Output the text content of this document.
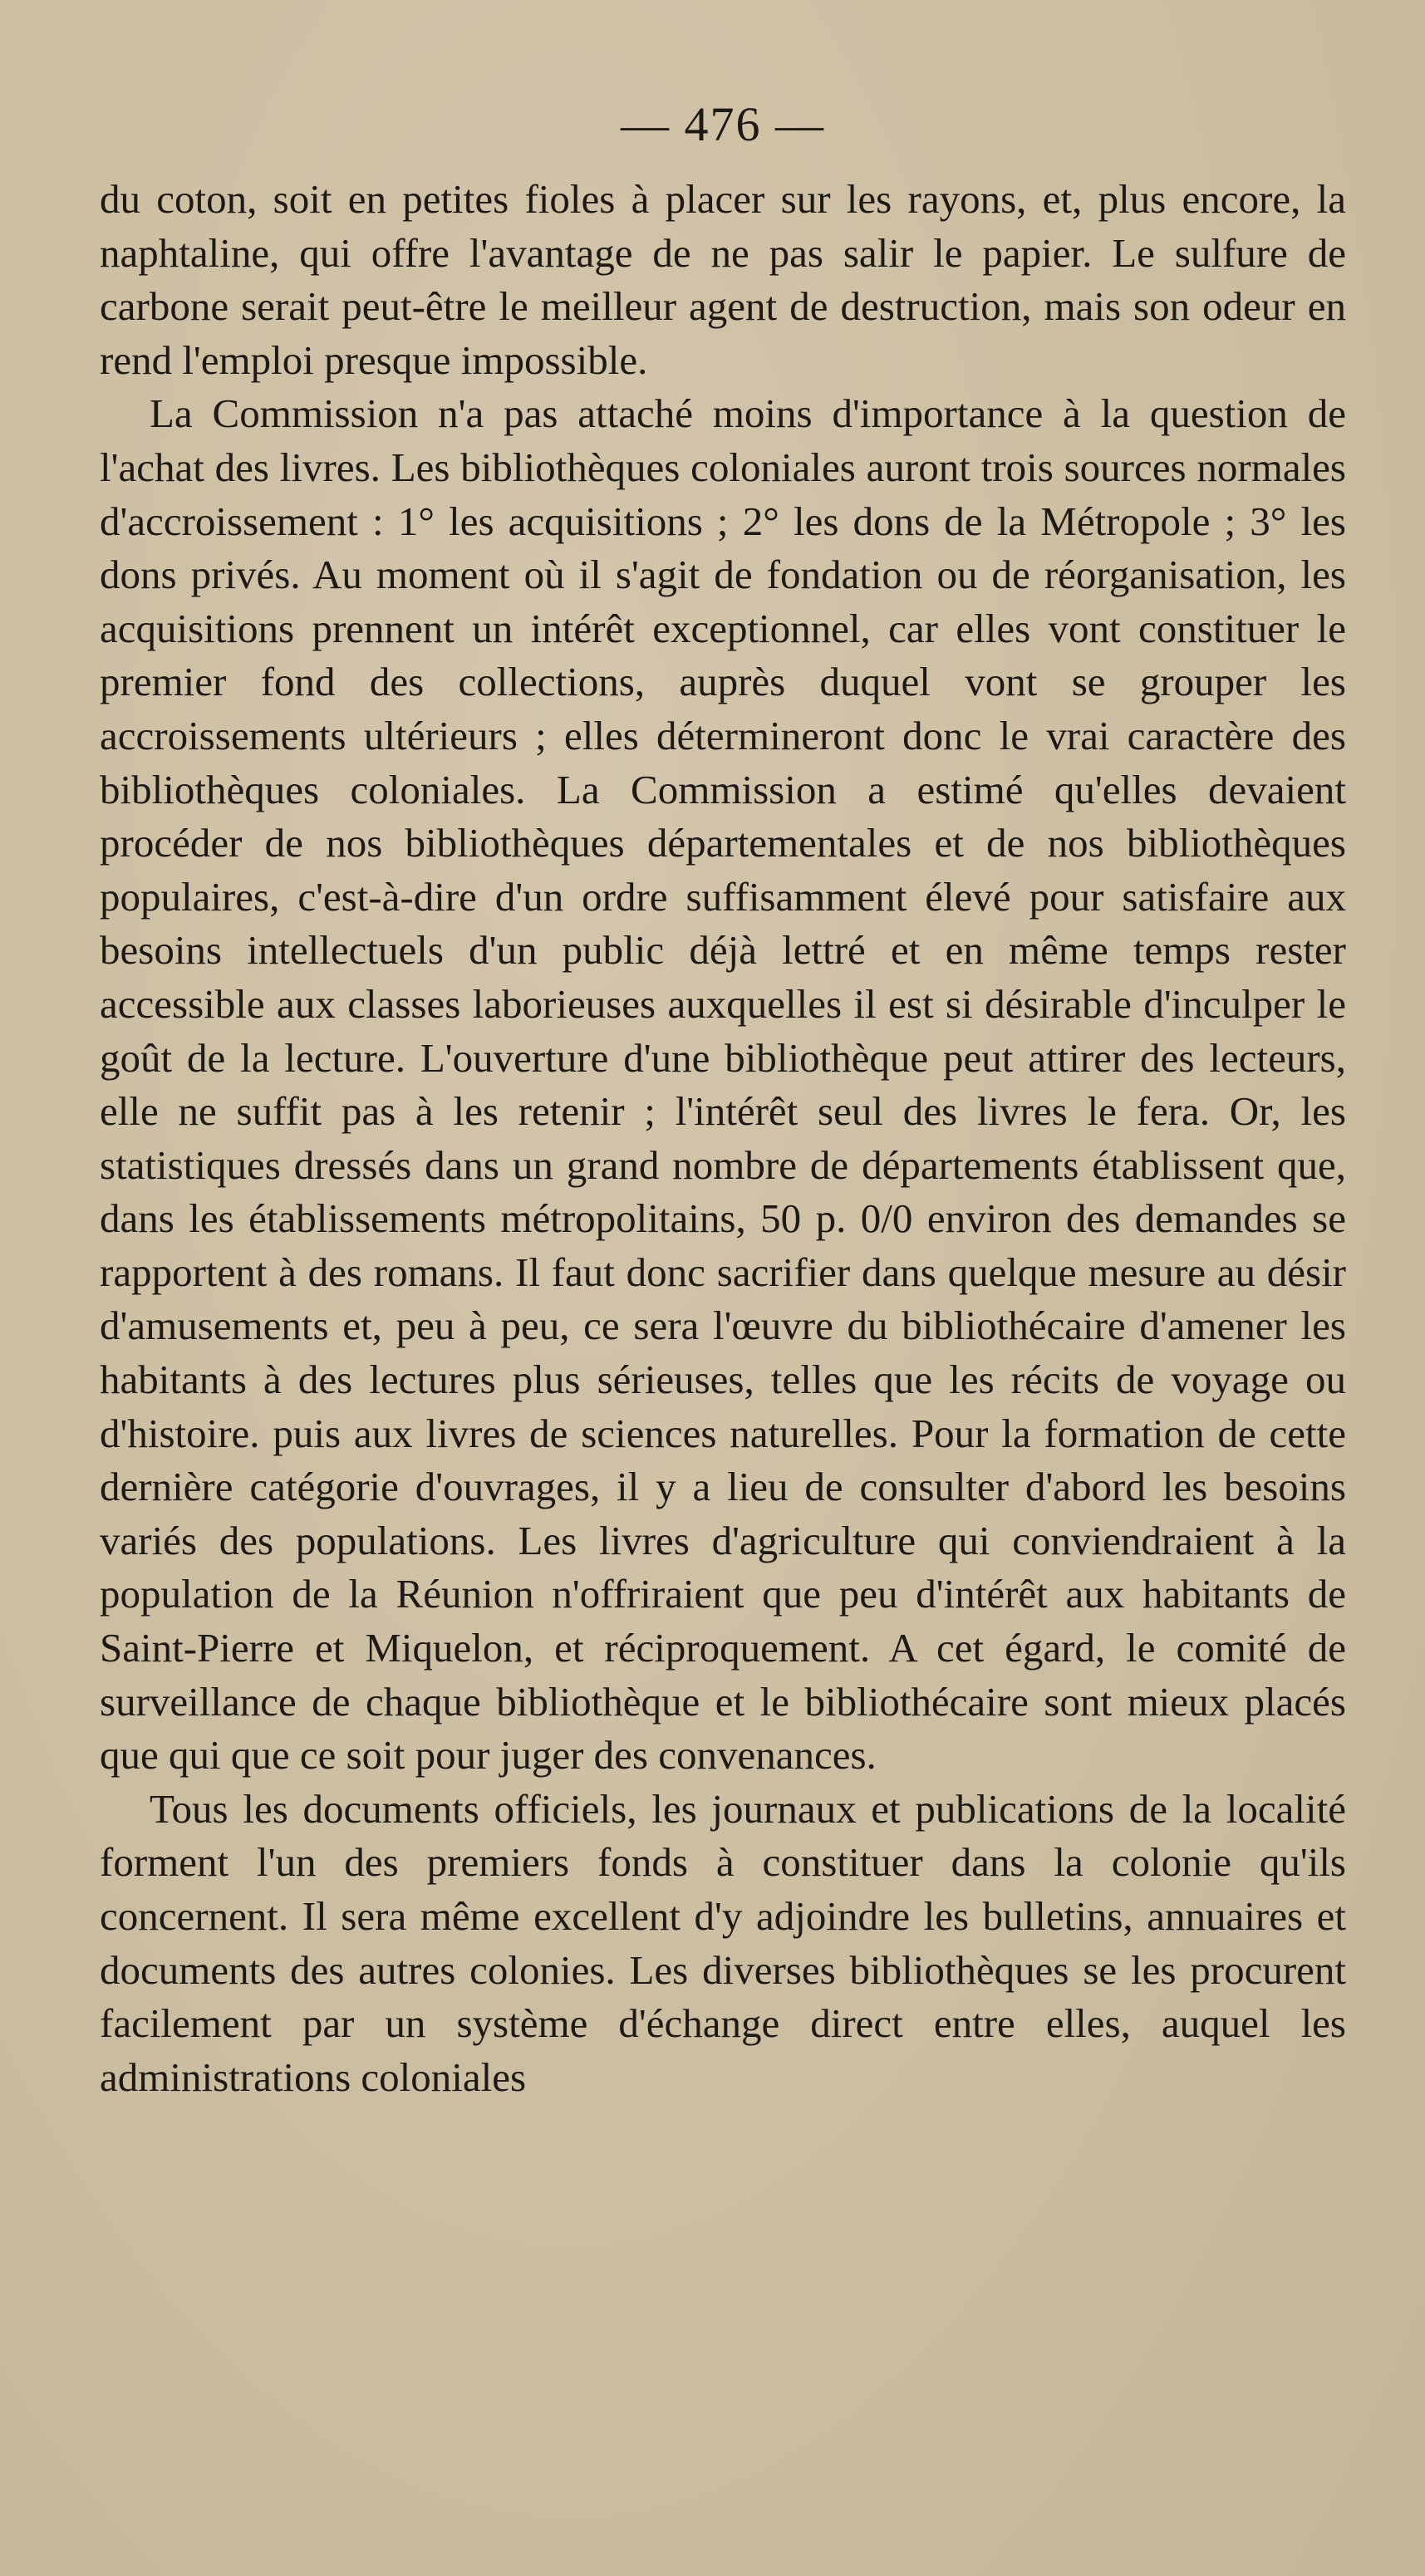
— 476 —

du coton, soit en petites fioles à placer sur les rayons, et, plus encore, la naphtaline, qui offre l'avantage de ne pas salir le papier. Le sulfure de carbone serait peut-être le meilleur agent de destruction, mais son odeur en rend l'emploi presque impossible.

La Commission n'a pas attaché moins d'importance à la question de l'achat des livres. Les bibliothèques coloniales auront trois sources normales d'accroissement : 1° les acquisitions ; 2° les dons de la Métropole ; 3° les dons privés. Au moment où il s'agit de fondation ou de réorganisation, les acquisitions prennent un intérêt exceptionnel, car elles vont constituer le premier fond des collections, auprès duquel vont se grouper les accroissements ultérieurs ; elles détermineront donc le vrai caractère des bibliothèques coloniales. La Commission a estimé qu'elles devaient procéder de nos bibliothèques départementales et de nos bibliothèques populaires, c'est-à-dire d'un ordre suffisamment élevé pour satisfaire aux besoins intellectuels d'un public déjà lettré et en même temps rester accessible aux classes laborieuses auxquelles il est si désirable d'inculper le goût de la lecture. L'ouverture d'une bibliothèque peut attirer des lecteurs, elle ne suffit pas à les retenir ; l'intérêt seul des livres le fera. Or, les statistiques dressés dans un grand nombre de départements établissent que, dans les établissements métropolitains, 50 p. 0/0 environ des demandes se rapportent à des romans. Il faut donc sacrifier dans quelque mesure au désir d'amusements et, peu à peu, ce sera l'œuvre du bibliothécaire d'amener les habitants à des lectures plus sérieuses, telles que les récits de voyage ou d'histoire. puis aux livres de sciences naturelles. Pour la formation de cette dernière catégorie d'ouvrages, il y a lieu de consulter d'abord les besoins variés des populations. Les livres d'agriculture qui conviendraient à la population de la Réunion n'offriraient que peu d'intérêt aux habitants de Saint-Pierre et Miquelon, et réciproquement. A cet égard, le comité de surveillance de chaque bibliothèque et le bibliothécaire sont mieux placés que qui que ce soit pour juger des convenances.

Tous les documents officiels, les journaux et publications de la localité forment l'un des premiers fonds à constituer dans la colonie qu'ils concernent. Il sera même excellent d'y adjoindre les bulletins, annuaires et documents des autres colonies. Les diverses bibliothèques se les procurent facilement par un système d'échange direct entre elles, auquel les administrations coloniales
